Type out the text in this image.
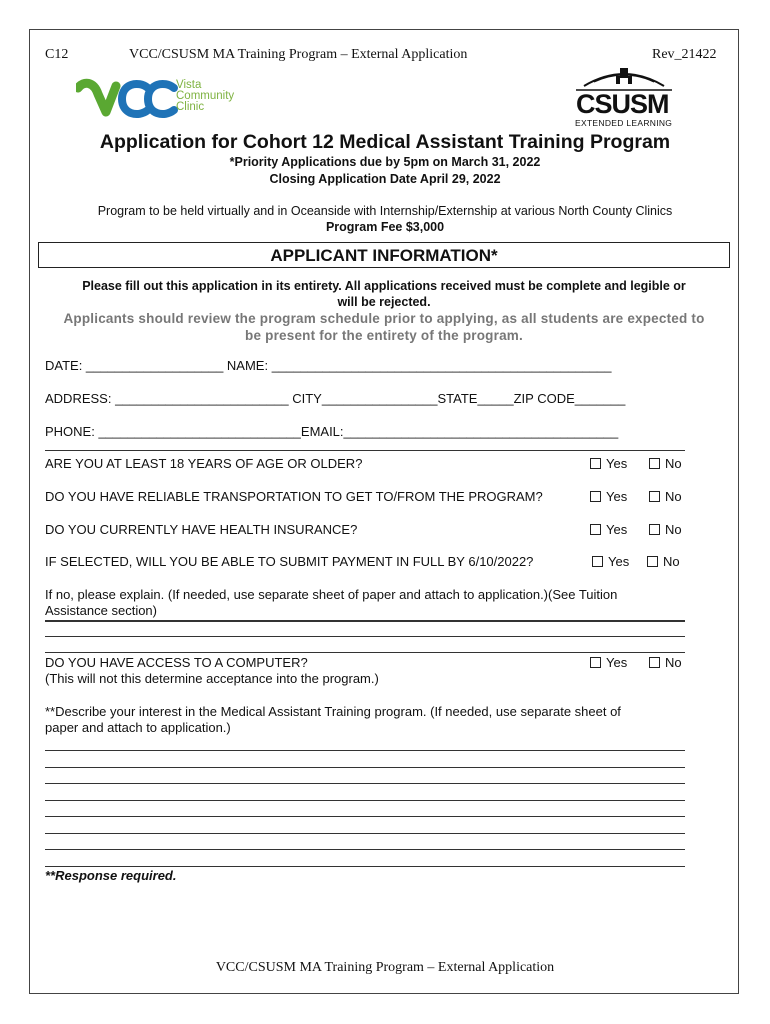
C12	VCC/CSUSM MA Training Program – External Application	Rev_21422
Vista
Community
Clinic	CSUSM
EXTENDED LEARNING
Application for Cohort 12 Medical Assistant Training Program
*Priority Applications due by 5pm on March 31, 2022
Closing Application Date April 29, 2022
Program to be held virtually and in Oceanside with Internship/Externship at various North County Clinics
Program Fee $3,000
APPLICANT INFORMATION*
Please fill out this application in its entirety. All applications received must be complete and legible or
will be rejected.
Applicants should review the program schedule prior to applying, as all students are expected to
be present for the entirety of the program.
DATE: ___________________ NAME: _______________________________________________
ADDRESS: ________________________ CITY________________STATE_____ZIP CODE_______
PHONE: ____________________________EMAIL:______________________________________
ARE YOU AT LEAST 18 YEARS OF AGE OR OLDER?	Yes	No
DO YOU HAVE RELIABLE TRANSPORTATION TO GET TO/FROM THE PROGRAM?	Yes	No
DO YOU CURRENTLY HAVE HEALTH INSURANCE?	Yes	No
IF SELECTED, WILL YOU BE ABLE TO SUBMIT PAYMENT IN FULL BY 6/10/2022?	Yes	No
If no, please explain. (If needed, use separate sheet of paper and attach to application.)(See Tuition
Assistance section)
DO YOU HAVE ACCESS TO A COMPUTER?	Yes	No
(This will not this determine acceptance into the program.)
**Describe your interest in the Medical Assistant Training program. (If needed, use separate sheet of
paper and attach to application.)
**Response required.
VCC/CSUSM MA Training Program – External Application
